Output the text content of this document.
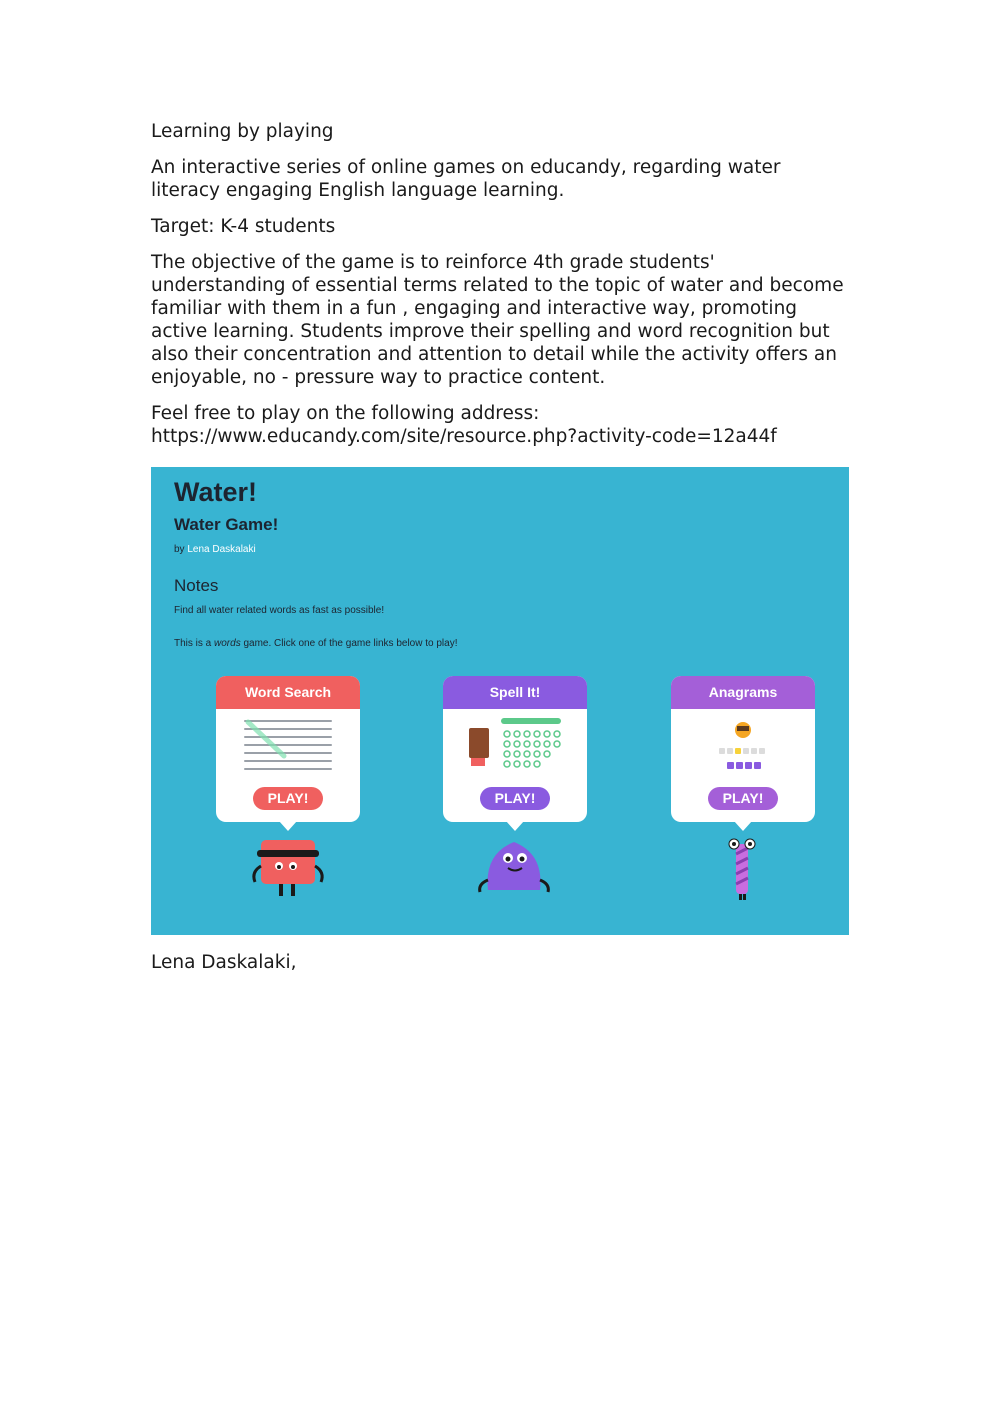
Learning by playing

An interactive series of online games on educandy, regarding water literacy engaging English language learning.

Target: K-4 students

The objective of the game is to reinforce 4th grade students' understanding of essential terms related to the topic of water and become familiar with them in a fun , engaging and interactive way, promoting active learning. Students improve their spelling and word recognition but also their concentration and attention to detail while the activity offers an enjoyable, no - pressure way to practice content.

Feel free to play on the following address:
https://www.educandy.com/site/resource.php?activity-code=12a44f

Water!
Water Game!
by Lena Daskalaki
Notes
Find all water related words as fast as possible!
This is a words game. Click one of the game links below to play!
Word Search
PLAY!
Spell It!
PLAY!
Anagrams
PLAY!
Lena Daskalaki,
